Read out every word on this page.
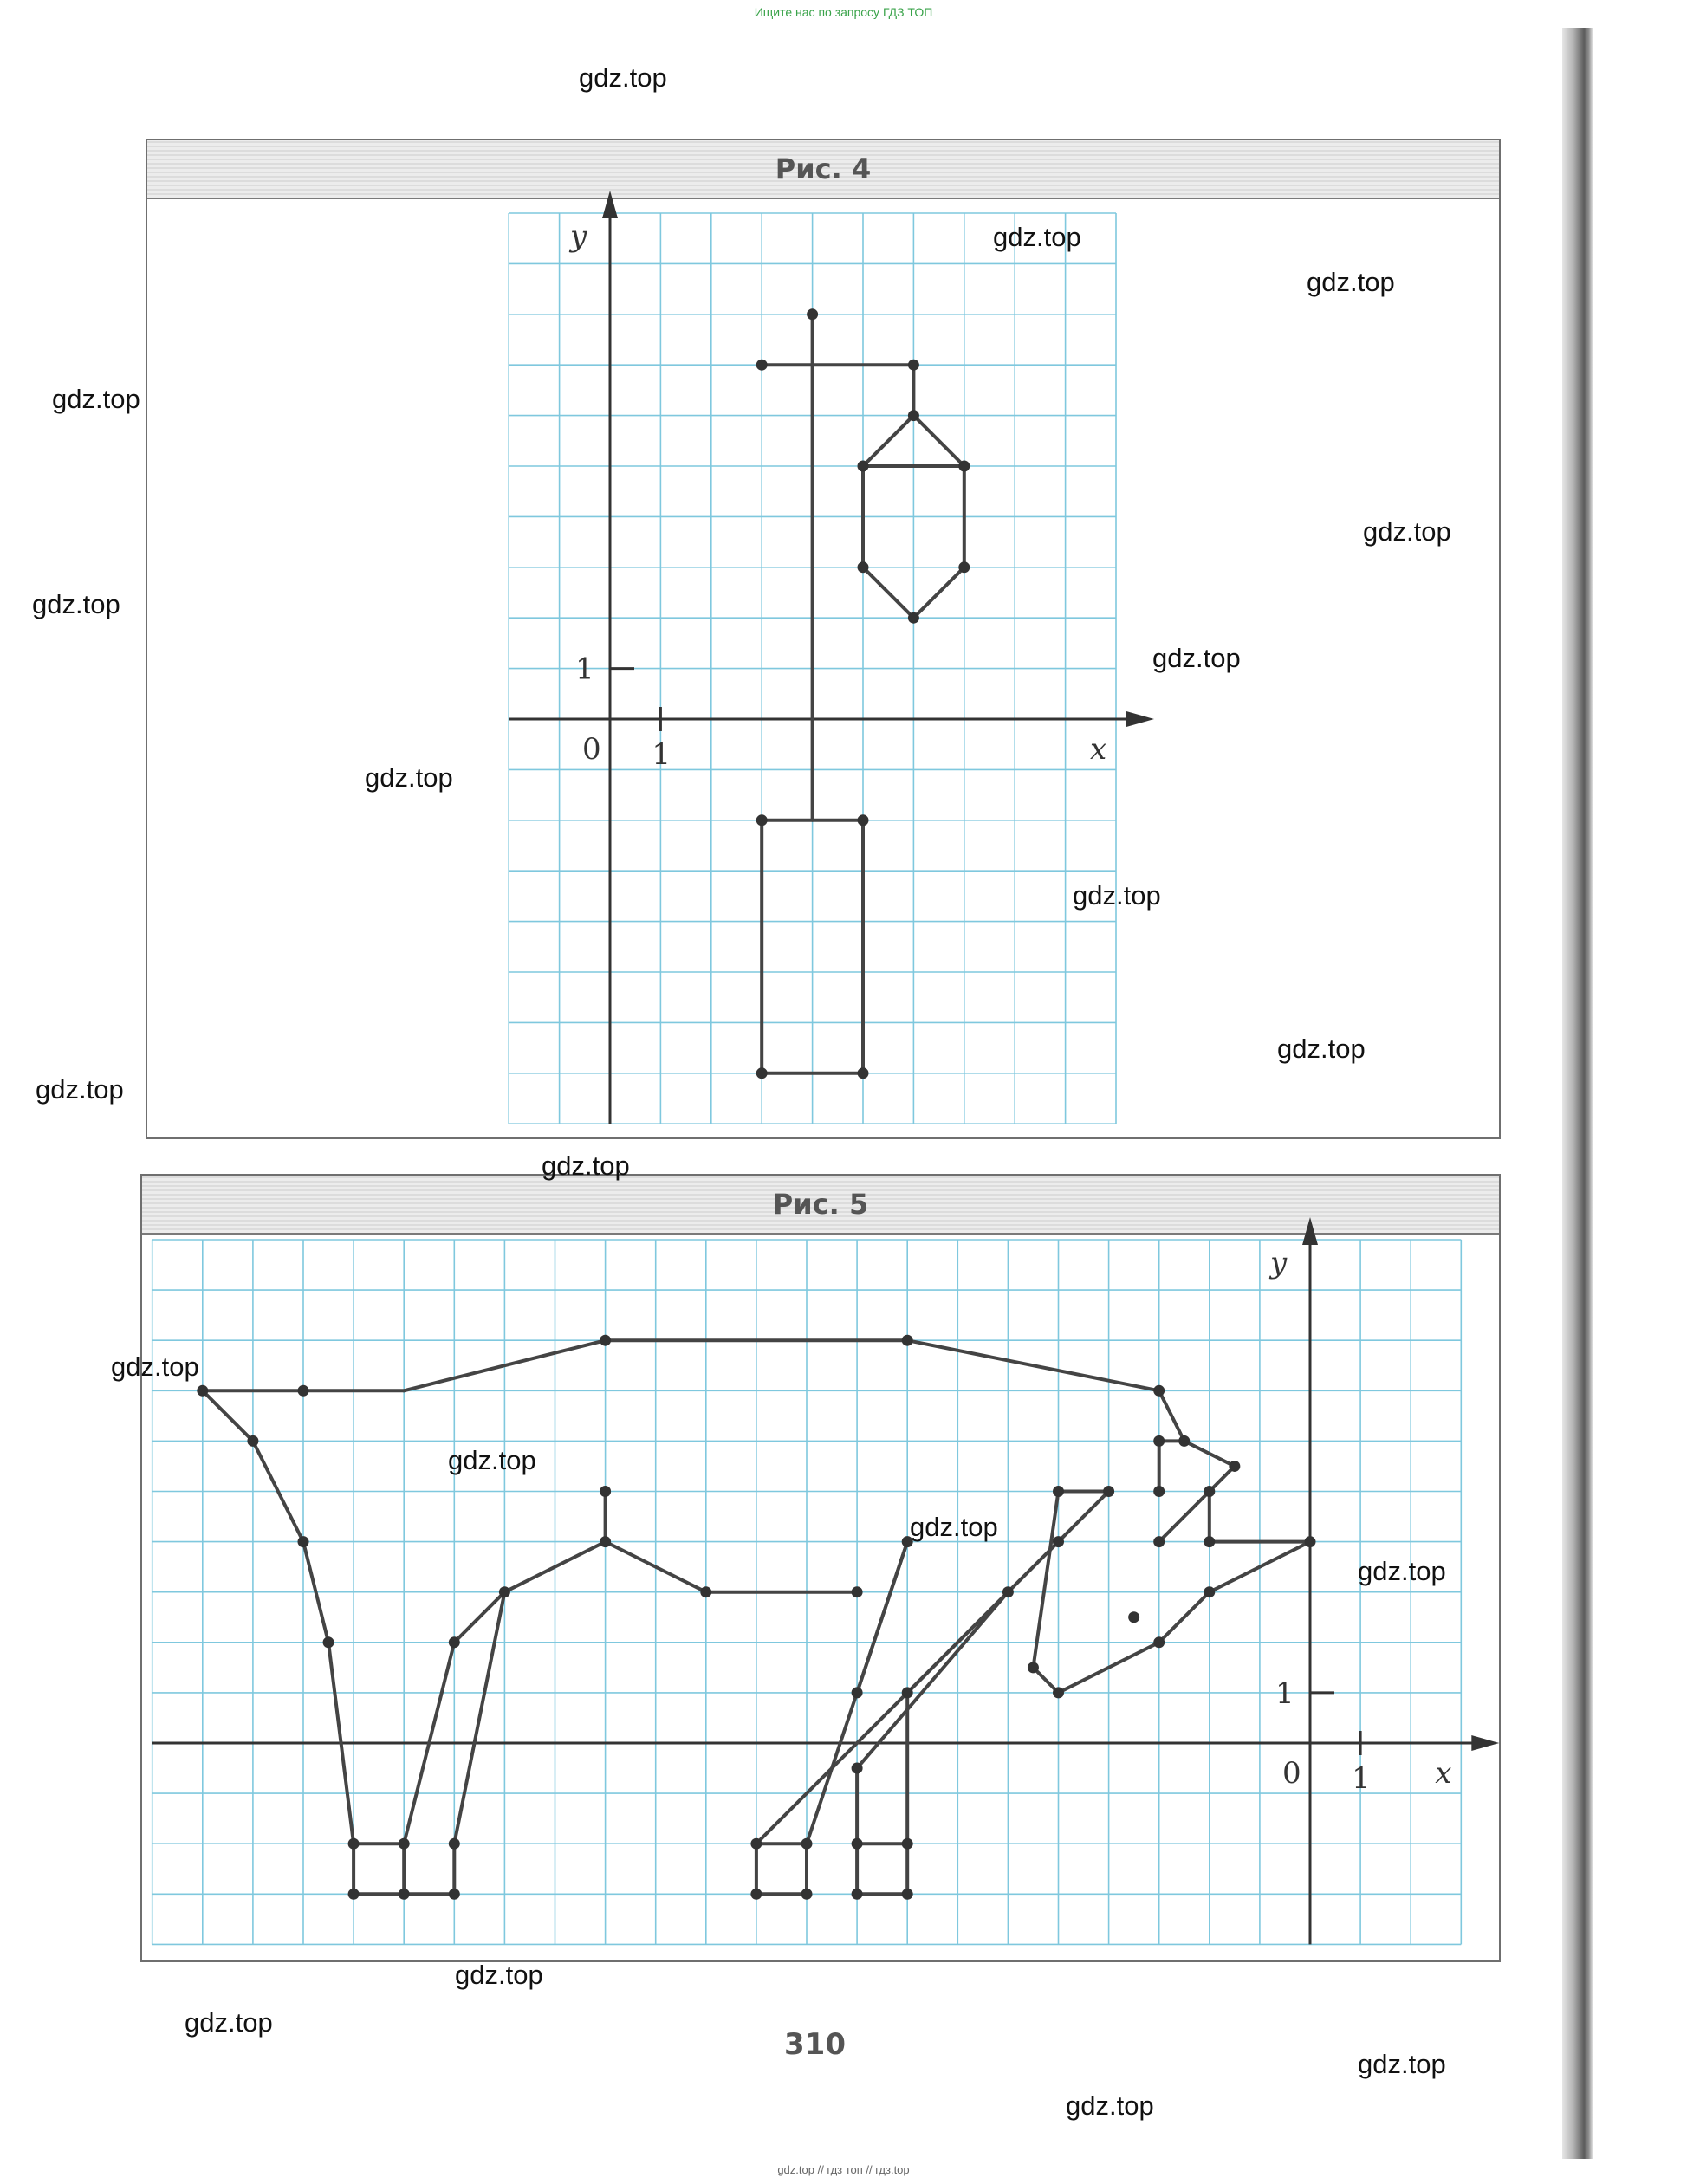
Ищите нас по запросу ГДЗ ТОП
Рис. 4
Рис. 5
0 1
1
x
y
0 1
1
x
y
310
gdz.top // гдз топ // гдз.top
gdz.top
gdz.top
gdz.top
gdz.top
gdz.top
gdz.top
gdz.top
gdz.top
gdz.top
gdz.top
gdz.top
gdz.top
gdz.top
gdz.top
gdz.top
gdz.top
gdz.top
gdz.top
gdz.top
gdz.top
